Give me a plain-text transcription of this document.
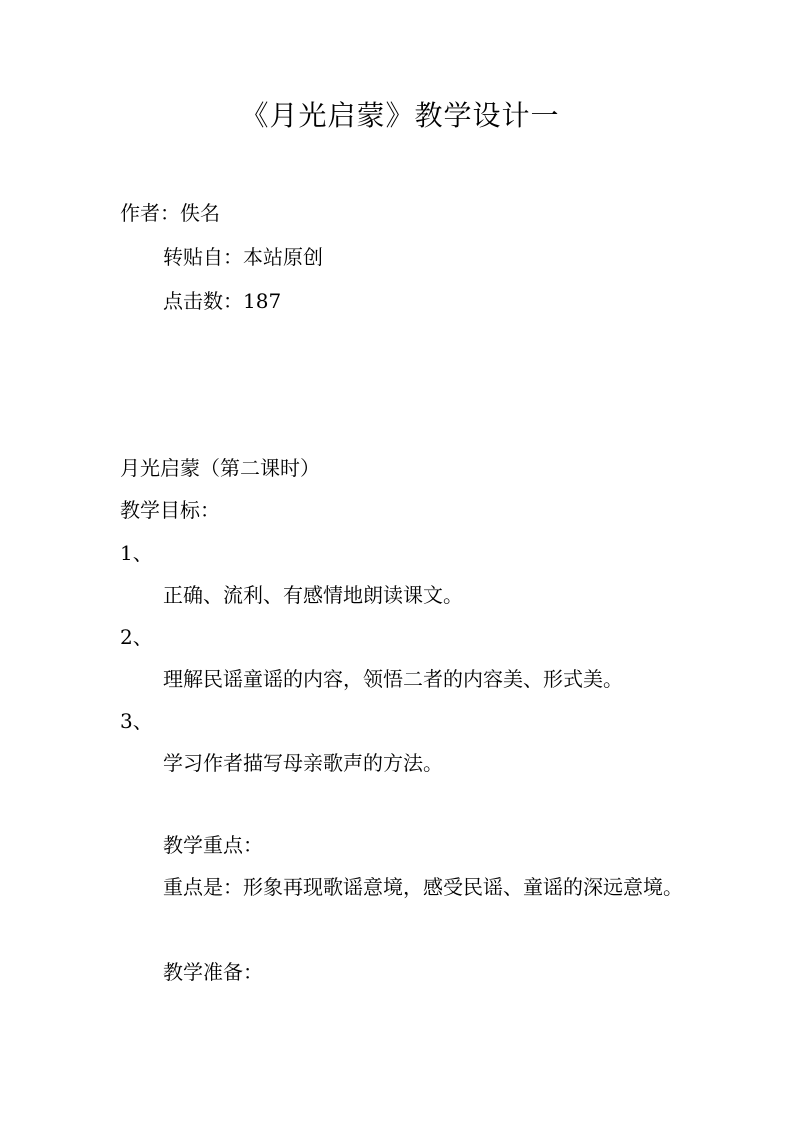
《月光启蒙》教学设计一
作者：佚名
转贴自：本站原创
点击数：187
月光启蒙（第二课时）
教学目标：
1、
正确、流利、有感情地朗读课文。
2、
理解民谣童谣的内容，领悟二者的内容美、形式美。
3、
学习作者描写母亲歌声的方法。
教学重点：
重点是：形象再现歌谣意境，感受民谣、童谣的深远意境。
教学准备：
